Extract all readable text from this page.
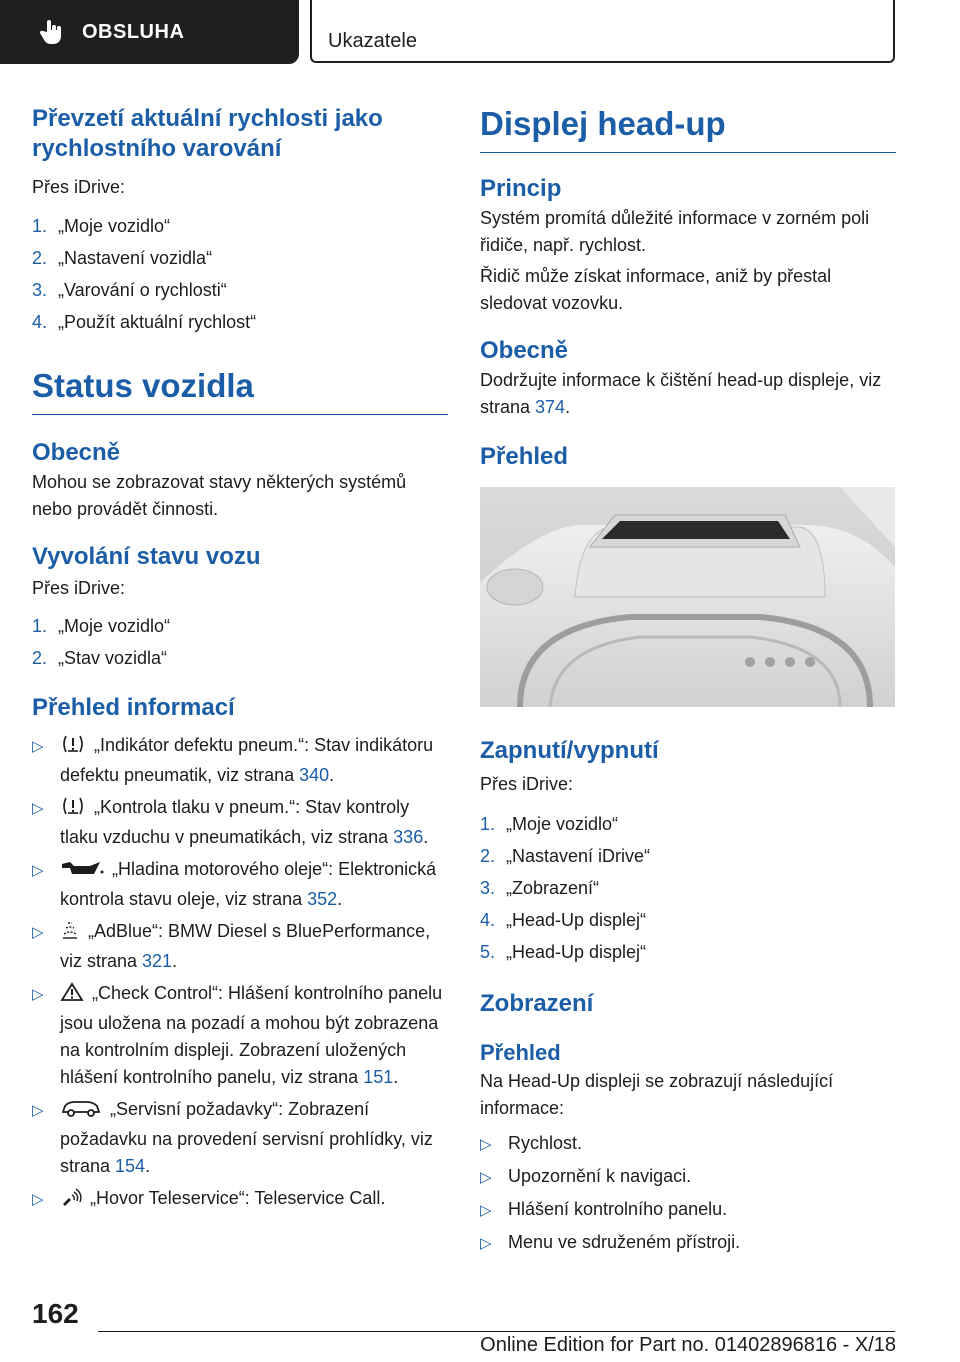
OBSLUHA	Ukazatele
Převzetí aktuální rychlosti jako rychlostního varování

Přes iDrive:

1. „Moje vozidlo“
2. „Nastavení vozidla“
3. „Varování o rychlosti“
4. „Použít aktuální rychlost“
Status vozidla
Obecně

Mohou se zobrazovat stavy některých systémů nebo provádět činnosti.

Vyvolání stavu vozu

Přes iDrive:

1. „Moje vozidlo“
2. „Stav vozidla“
Přehled informací
▷	„Indikátor defektu pneum.“: Stav indikátoru defektu pneumatik, viz strana 340.
▷	„Kontrola tlaku v pneum.“: Stav kontroly tlaku vzduchu v pneumatikách, viz strana 336.
▷	„Hladina motorového oleje“: Elektronická kontrola stavu oleje, viz strana 352.
▷	„AdBlue“: BMW Diesel s BluePerformance, viz strana 321.
▷	„Check Control“: Hlášení kontrolního panelu jsou uložena na pozadí a mohou být zobrazena na kontrolním displeji. Zobrazení uložených hlášení kontrolního panelu, viz strana 151.
▷	„Servisní požadavky“: Zobrazení požadavku na provedení servisní prohlídky, viz strana 154.
▷	„Hovor Teleservice“: Teleservice Call.
Displej head-up
Princip

Systém promítá důležité informace v zorném poli řidiče, např. rychlost.

Řidič může získat informace, aniž by přestal sledovat vozovku.

Obecně

Dodržujte informace k čištění head-up displeje, viz strana 374.

Přehled
Zapnutí/vypnutí

Přes iDrive:

1. „Moje vozidlo“
2. „Nastavení iDrive“
3. „Zobrazení“
4. „Head-Up displej“
5. „Head-Up displej“
Zobrazení
Přehled

Na Head-Up displeji se zobrazují následující informace:

▷ Rychlost.
▷ Upozornění k navigaci.
▷ Hlášení kontrolního panelu.
▷ Menu ve sdruženém přístroji.
162
Online Edition for Part no. 01402896816 - X/18
